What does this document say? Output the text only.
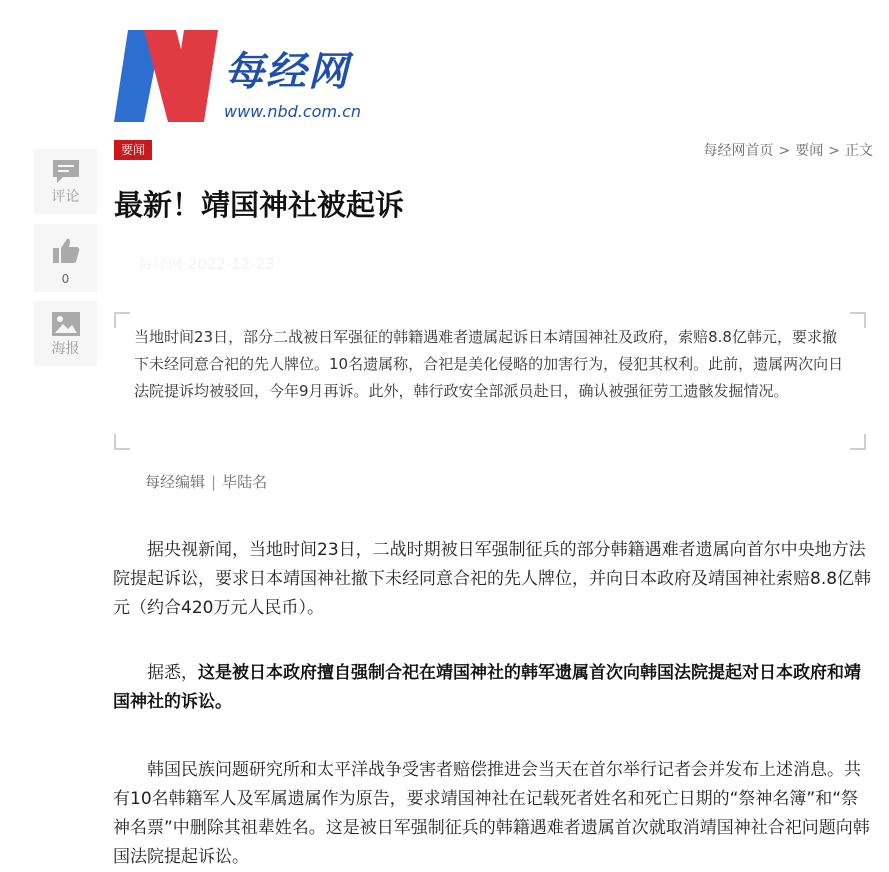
每经网
www.nbd.com.cn
评论
0
海报
要闻	每经网首页 > 要闻 > 正文
最新！靖国神社被起诉
每经网 2022-12-23

当地时间23日，部分二战被日军强征的韩籍遇难者遗属起诉日本靖国神社及政府，索赔8.8亿韩元，要求撤下未经同意合祀的先人牌位。10名遗属称，合祀是美化侵略的加害行为，侵犯其权利。此前，遗属两次向日法院提诉均被驳回，今年9月再诉。此外，韩行政安全部派员赴日，确认被强征劳工遗骸发掘情况。

每经编辑 | 毕陆名

据央视新闻，当地时间23日，二战时期被日军强制征兵的部分韩籍遇难者遗属向首尔中央地方法院提起诉讼，要求日本靖国神社撤下未经同意合祀的先人牌位，并向日本政府及靖国神社索赔8.8亿韩元（约合420万元人民币）。

据悉，这是被日本政府擅自强制合祀在靖国神社的韩军遗属首次向韩国法院提起对日本政府和靖国神社的诉讼。

韩国民族问题研究所和太平洋战争受害者赔偿推进会当天在首尔举行记者会并发布上述消息。共有10名韩籍军人及军属遗属作为原告，要求靖国神社在记载死者姓名和死亡日期的“祭神名簿”和“祭神名票”中删除其祖辈姓名。这是被日军强制征兵的韩籍遇难者遗属首次就取消靖国神社合祀问题向韩国法院提起诉讼。
